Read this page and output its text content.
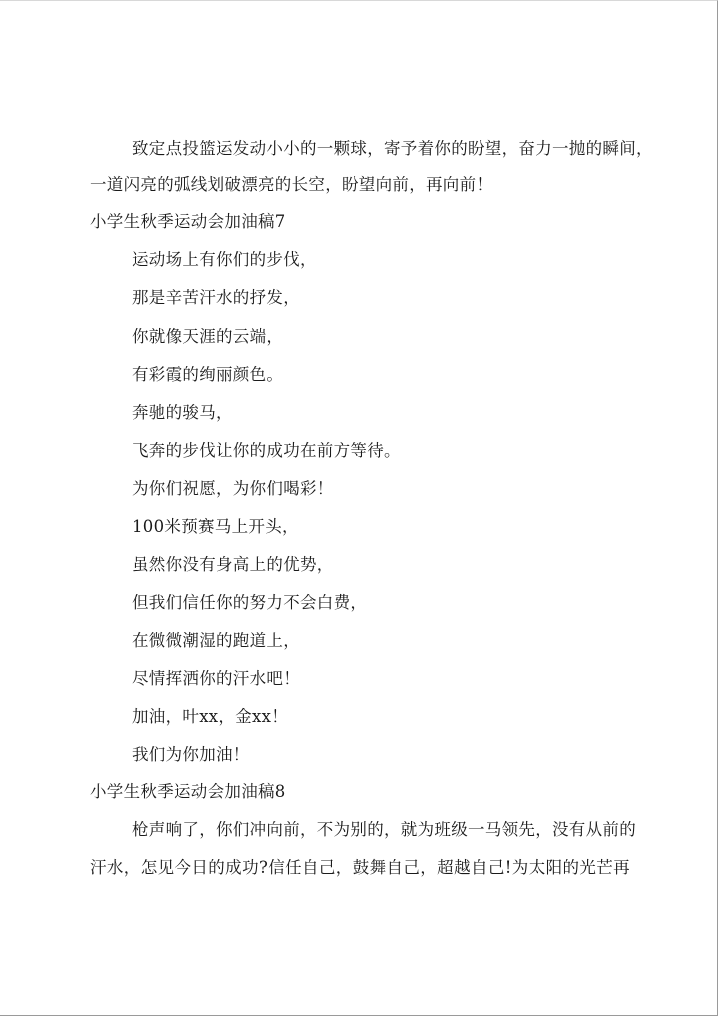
致定点投篮运发动小小的一颗球，寄予着你的盼望，奋力一抛的瞬间，
一道闪亮的弧线划破漂亮的长空，盼望向前，再向前！
小学生秋季运动会加油稿7
运动场上有你们的步伐，
那是辛苦汗水的抒发，
你就像天涯的云端，
有彩霞的绚丽颜色。
奔驰的骏马，
飞奔的步伐让你的成功在前方等待。
为你们祝愿，为你们喝彩！
100米预赛马上开头，
虽然你没有身高上的优势，
但我们信任你的努力不会白费，
在微微潮湿的跑道上，
尽情挥洒你的汗水吧！
加油，叶xx，金xx！
我们为你加油！
小学生秋季运动会加油稿8
枪声响了，你们冲向前，不为别的，就为班级一马领先，没有从前的
汗水，怎见今日的成功?信任自己，鼓舞自己，超越自己!为太阳的光芒再
